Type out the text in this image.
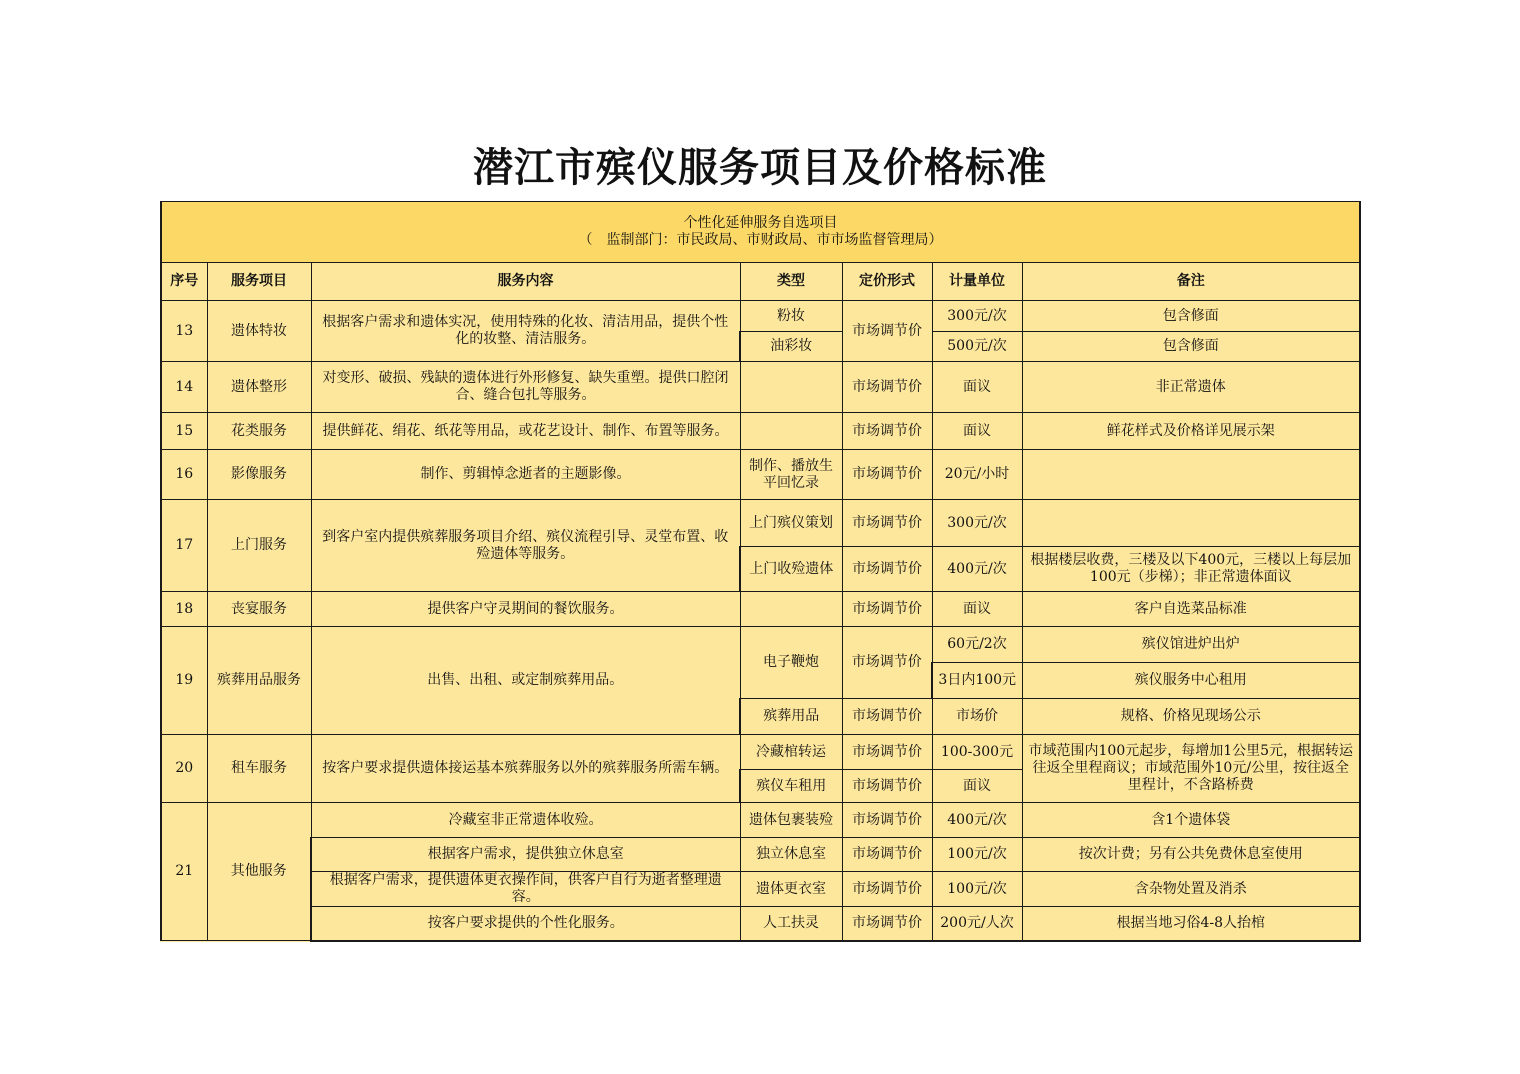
潜江市殡仪服务项目及价格标准
个性化延伸服务自选项目
（　监制部门：市民政局、市财政局、市市场监督管理局）						

序号	服务项目	服务内容	类型	定价形式	计量单位	备注
13	遗体特妆	根据客户需求和遗体实况，使用特殊的化妆、清洁用品，提供个性化的妆整、清洁服务。	粉妆	市场调节价	300元/次	包含修面
			油彩妆		500元/次	包含修面
14	遗体整形	对变形、破损、残缺的遗体进行外形修复、缺失重塑。提供口腔闭合、缝合包扎等服务。		市场调节价	面议	非正常遗体
15	花类服务	提供鲜花、绢花、纸花等用品，或花艺设计、制作、布置等服务。		市场调节价	面议	鲜花样式及价格详见展示架
16	影像服务	制作、剪辑悼念逝者的主题影像。	制作、播放生平回忆录	市场调节价	20元/小时	
17	上门服务	到客户室内提供殡葬服务项目介绍、殡仪流程引导、灵堂布置、收殓遗体等服务。	上门殡仪策划	市场调节价	300元/次	
			上门收殓遗体	市场调节价	400元/次	根据楼层收费，三楼及以下400元，三楼以上每层加100元（步梯）；非正常遗体面议
18	丧宴服务	提供客户守灵期间的餐饮服务。		市场调节价	面议	客户自选菜品标准
19	殡葬用品服务	出售、出租、或定制殡葬用品。	电子鞭炮	市场调节价	60元/2次	殡仪馆进炉出炉
					3日内100元	殡仪服务中心租用
			殡葬用品	市场调节价	市场价	规格、价格见现场公示
20	租车服务	按客户要求提供遗体接运基本殡葬服务以外的殡葬服务所需车辆。	冷藏棺转运	市场调节价	100-300元	市域范围内100元起步，每增加1公里5元，根据转运往返全里程商议；市域范围外10元/公里，按往返全里程计，不含路桥费
			殡仪车租用	市场调节价	面议	
21	其他服务	冷藏室非正常遗体收殓。	遗体包裹装殓	市场调节价	400元/次	含1个遗体袋
		根据客户需求，提供独立休息室	独立休息室	市场调节价	100元/次	按次计费；另有公共免费休息室使用
		根据客户需求，提供遗体更衣操作间，供客户自行为逝者整理遗容。	遗体更衣室	市场调节价	100元/次	含杂物处置及消杀
		按客户要求提供的个性化服务。	人工扶灵	市场调节价	200元/人次	根据当地习俗4-8人抬棺
